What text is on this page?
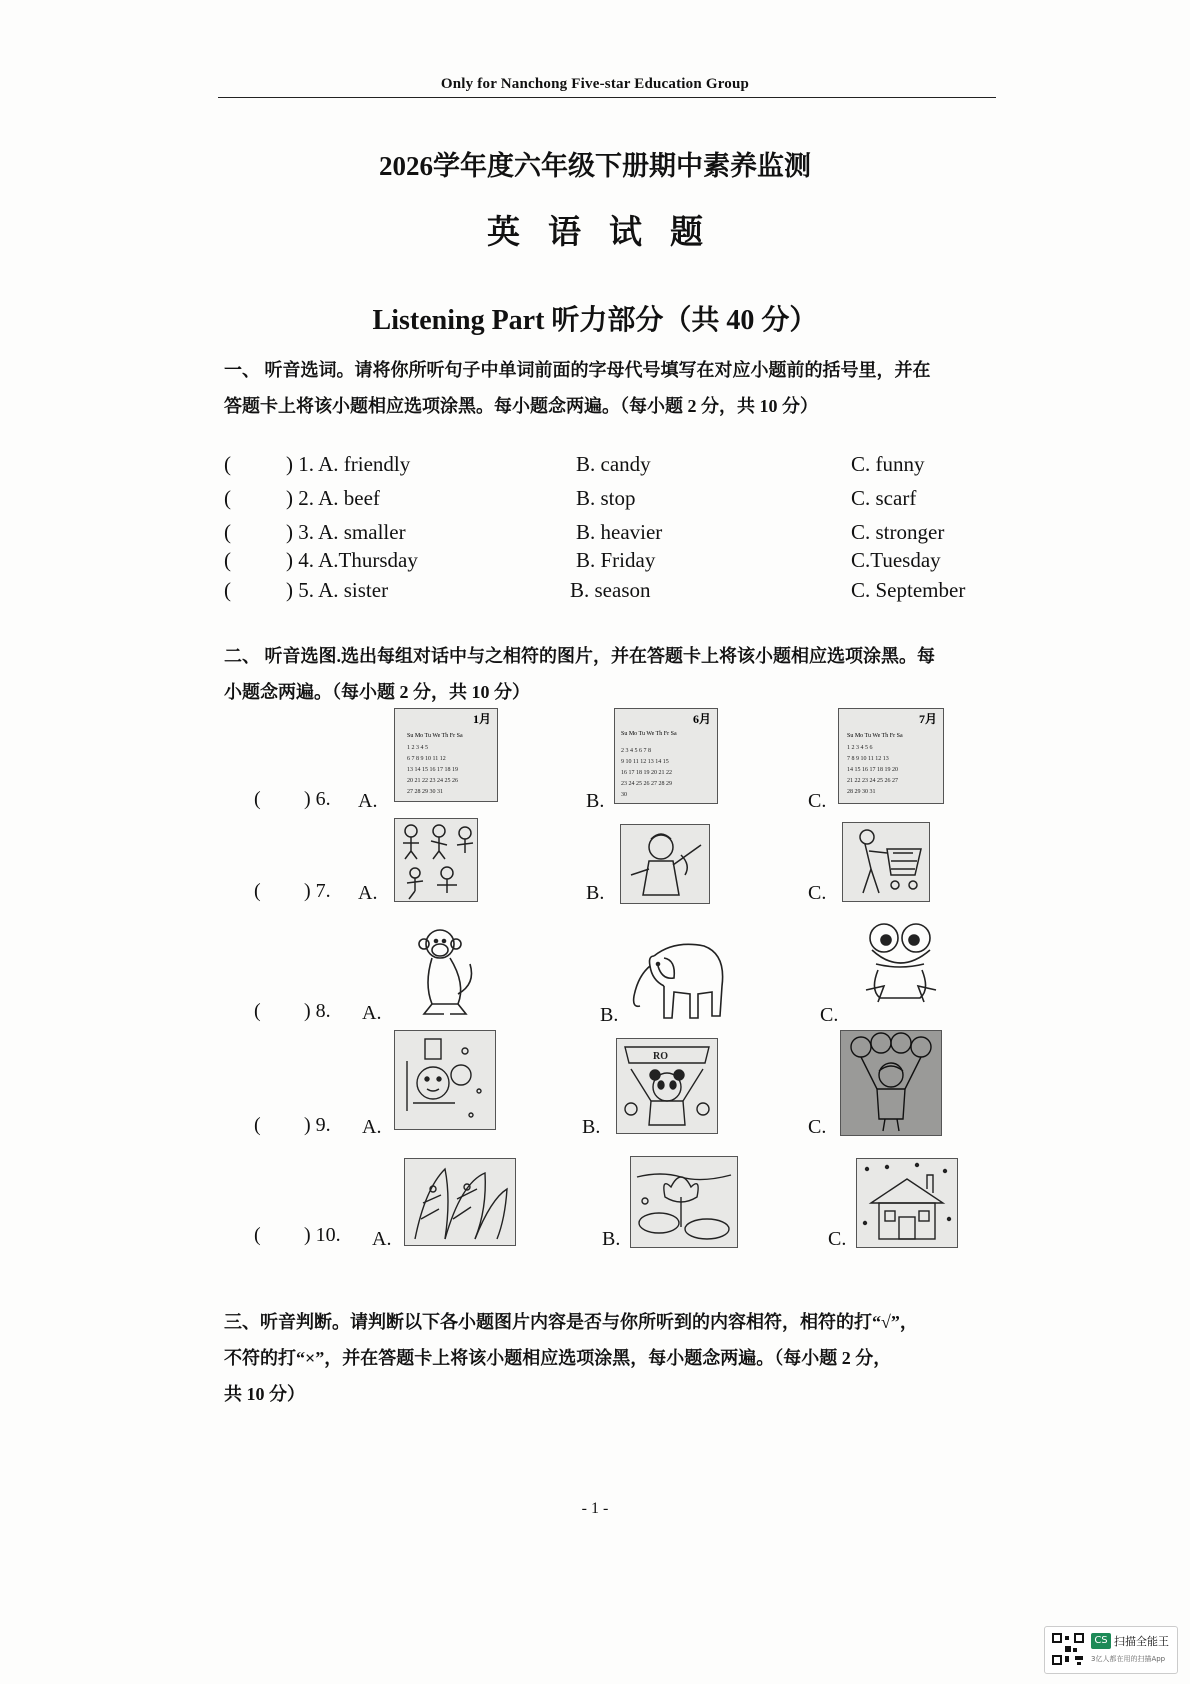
Only for Nanchong Five-star Education Group
2026学年度六年级下册期中素养监测
英语试题
Listening Part 听力部分（共 40 分）
一、 听音选词。请将你所听句子中单词前面的字母代号填写在对应小题前的括号里，并在
答题卡上将该小题相应选项涂黑。每小题念两遍。（每小题 2 分，共 10 分）
(	) 1. A. friendly	B. candy	C. funny
(	) 2. A. beef	B. stop	C. scarf
(	) 3. A. smaller	B. heavier	C. stronger
(	) 4. A.Thursday	B. Friday	C.Tuesday
(	) 5. A. sister	B. season	C. September
二、 听音选图.选出每组对话中与之相符的图片，并在答题卡上将该小题相应选项涂黑。每
小题念两遍。（每小题 2 分，共 10 分）
( ) 6. A.
1月
Su Mo Tu We Th Fr Sa
1 2 3 4 5
6 7 8 9 10 11 12
13 14 15 16 17 18 19
20 21 22 23 24 25 26
27 28 29 30 31	B.
6月
Su Mo Tu We Th Fr Sa
2 3 4 5 6 7 8
9 10 11 12 13 14 15
16 17 18 19 20 21 22
23 24 25 26 27 28 29
30	C.
7月
Su Mo Tu We Th Fr Sa
1 2 3 4 5 6
7 8 9 10 11 12 13
14 15 16 17 18 19 20
21 22 23 24 25 26 27
28 29 30 31
( ) 7. A.	B.	C.
( ) 8. A.	B.	C.
( ) 9. A.	B.
RO
C.
( ) 10. A.	B.	C.
三、听音判断。请判断以下各小题图片内容是否与你所听到的内容相符，相符的打“√”，
不符的打“×”，并在答题卡上将该小题相应选项涂黑，每小题念两遍。（每小题 2 分，
共 10 分）
- 1 -
CS 扫描全能王
3亿人都在用的扫描App
